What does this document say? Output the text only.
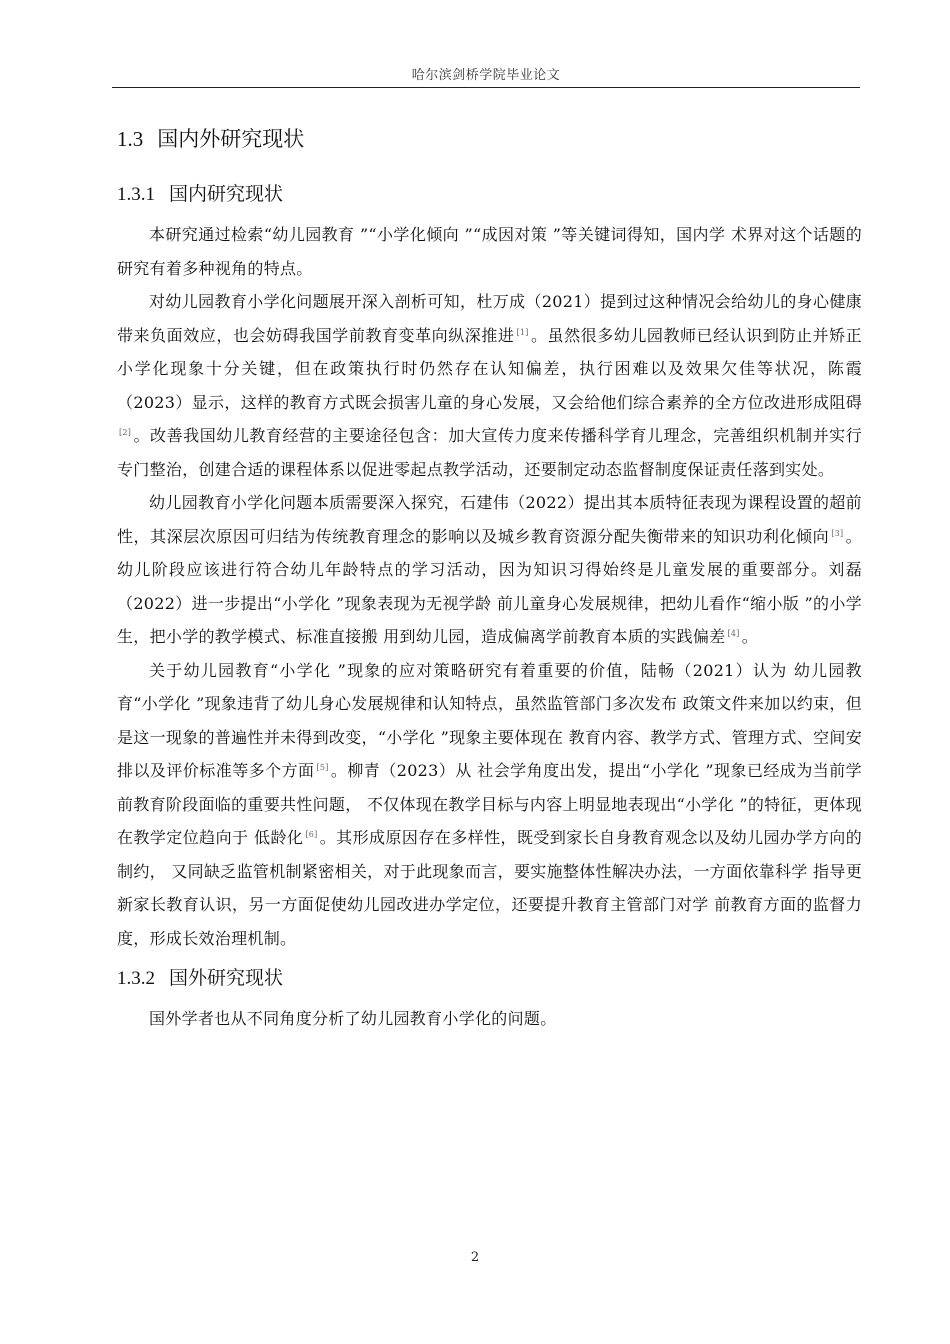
哈尔滨剑桥学院毕业论文
1.3 国内外研究现状
1.3.1 国内研究现状

本研究通过检索“幼儿园教育 ”“小学化倾向 ”“成因对策 ”等关键词得知，国内学 术界对这个话题的研究有着多种视角的特点。

对幼儿园教育小学化问题展开深入剖析可知，杜万成（2021）提到过这种情况会给幼儿的身心健康带来负面效应，也会妨碍我国学前教育变革向纵深推进 [1] 。虽然很多幼儿园教师已经认识到防止并矫正小学化现象十分关键，但在政策执行时仍然存在认知偏差，执行困难以及效果欠佳等状况，陈霞（2023）显示，这样的教育方式既会损害儿童的身心发展，又会给他们综合素养的全方位改进形成阻碍[2] 。改善我国幼儿教育经营的主要途径包含：加大宣传力度来传播科学育儿理念，完善组织机制并实行专门整治，创建合适的课程体系以促进零起点教学活动，还要制定动态监督制度保证责任落到实处。

幼儿园教育小学化问题本质需要深入探究，石建伟（2022）提出其本质特征表现为课程设置的超前性，其深层次原因可归结为传统教育理念的影响以及城乡教育资源分配失衡带来的知识功利化倾向 [3] 。幼儿阶段应该进行符合幼儿年龄特点的学习活动，因为知识习得始终是儿童发展的重要部分。刘磊（2022）进一步提出“小学化 ”现象表现为无视学龄 前儿童身心发展规律，把幼儿看作“缩小版 ”的小学生，把小学的教学模式、标准直接搬 用到幼儿园，造成偏离学前教育本质的实践偏差 [4] 。

关于幼儿园教育“小学化 ”现象的应对策略研究有着重要的价值，陆畅（2021）认为 幼儿园教育“小学化 ”现象违背了幼儿身心发展规律和认知特点，虽然监管部门多次发布 政策文件来加以约束，但是这一现象的普遍性并未得到改变，“小学化 ”现象主要体现在 教育内容、教学方式、管理方式、空间安排以及评价标准等多个方面 [5] 。柳青（2023）从 社会学角度出发，提出“小学化 ”现象已经成为当前学前教育阶段面临的重要共性问题， 不仅体现在教学目标与内容上明显地表现出“小学化 ”的特征，更体现在教学定位趋向于 低龄化 [6] 。其形成原因存在多样性，既受到家长自身教育观念以及幼儿园办学方向的制约， 又同缺乏监管机制紧密相关，对于此现象而言，要实施整体性解决办法，一方面依靠科学 指导更新家长教育认识，另一方面促使幼儿园改进办学定位，还要提升教育主管部门对学 前教育方面的监督力度，形成长效治理机制。

1.3.2 国外研究现状

国外学者也从不同角度分析了幼儿园教育小学化的问题。

2
